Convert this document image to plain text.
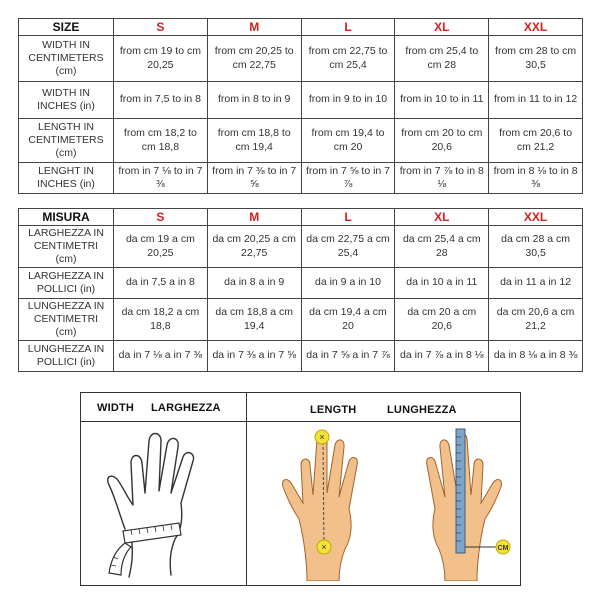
SIZE	S	M	L	XL	XXL
WIDTH IN CENTIMETERS (cm)	from cm 19 to cm 20,25	from cm 20,25 to cm 22,75	from cm 22,75 to cm 25,4	from cm 25,4 to cm 28	from cm 28 to cm 30,5
WIDTH IN INCHES (in)	from in 7,5 to in 8	from in 8 to in 9	from in 9 to in 10	from in 10 to in 11	from in 11 to in 12
LENGTH IN CENTIMETERS (cm)	from cm 18,2 to cm 18,8	from cm 18,8 to cm 19,4	from cm 19,4 to cm 20	from cm 20 to cm 20,6	from cm 20,6 to cm 21,2
LENGHT IN INCHES (in)	from in 7 ⅛ to in 7 ⅜	from in 7 ⅜ to in 7 ⅝	from in 7 ⅝ to in 7 ⅞	from in 7 ⅞ to in 8 ⅛	from in 8 ⅛ to in 8 ⅜
MISURA	S	M	L	XL	XXL
LARGHEZZA IN CENTIMETRI (cm)	da cm 19 a cm 20,25	da cm 20,25 a cm 22,75	da cm 22,75 a cm 25,4	da cm 25,4 a cm 28	da cm 28 a cm 30,5
LARGHEZZA IN POLLICI (in)	da in 7,5 a in 8	da in 8 a in 9	da in 9 a in 10	da in 10 a in 11	da in 11 a in 12
LUNGHEZZA IN CENTIMETRI (cm)	da cm 18,2 a cm 18,8	da cm 18,8 a cm 19,4	da cm 19,4 a cm 20	da cm 20 a cm 20,6	da cm 20,6 a cm 21,2
LUNGHEZZA IN POLLICI (in)	da in 7 ⅛ a in 7 ⅜	da in 7 ⅜ a in 7 ⅝	da in 7 ⅝ a in 7 ⅞	da in 7 ⅞ a in 8 ⅛	da in 8 ⅛ a in 8 ⅜
WIDTH LARGHEZZA	LENGTH	LUNGHEZZA
×
×	CM
